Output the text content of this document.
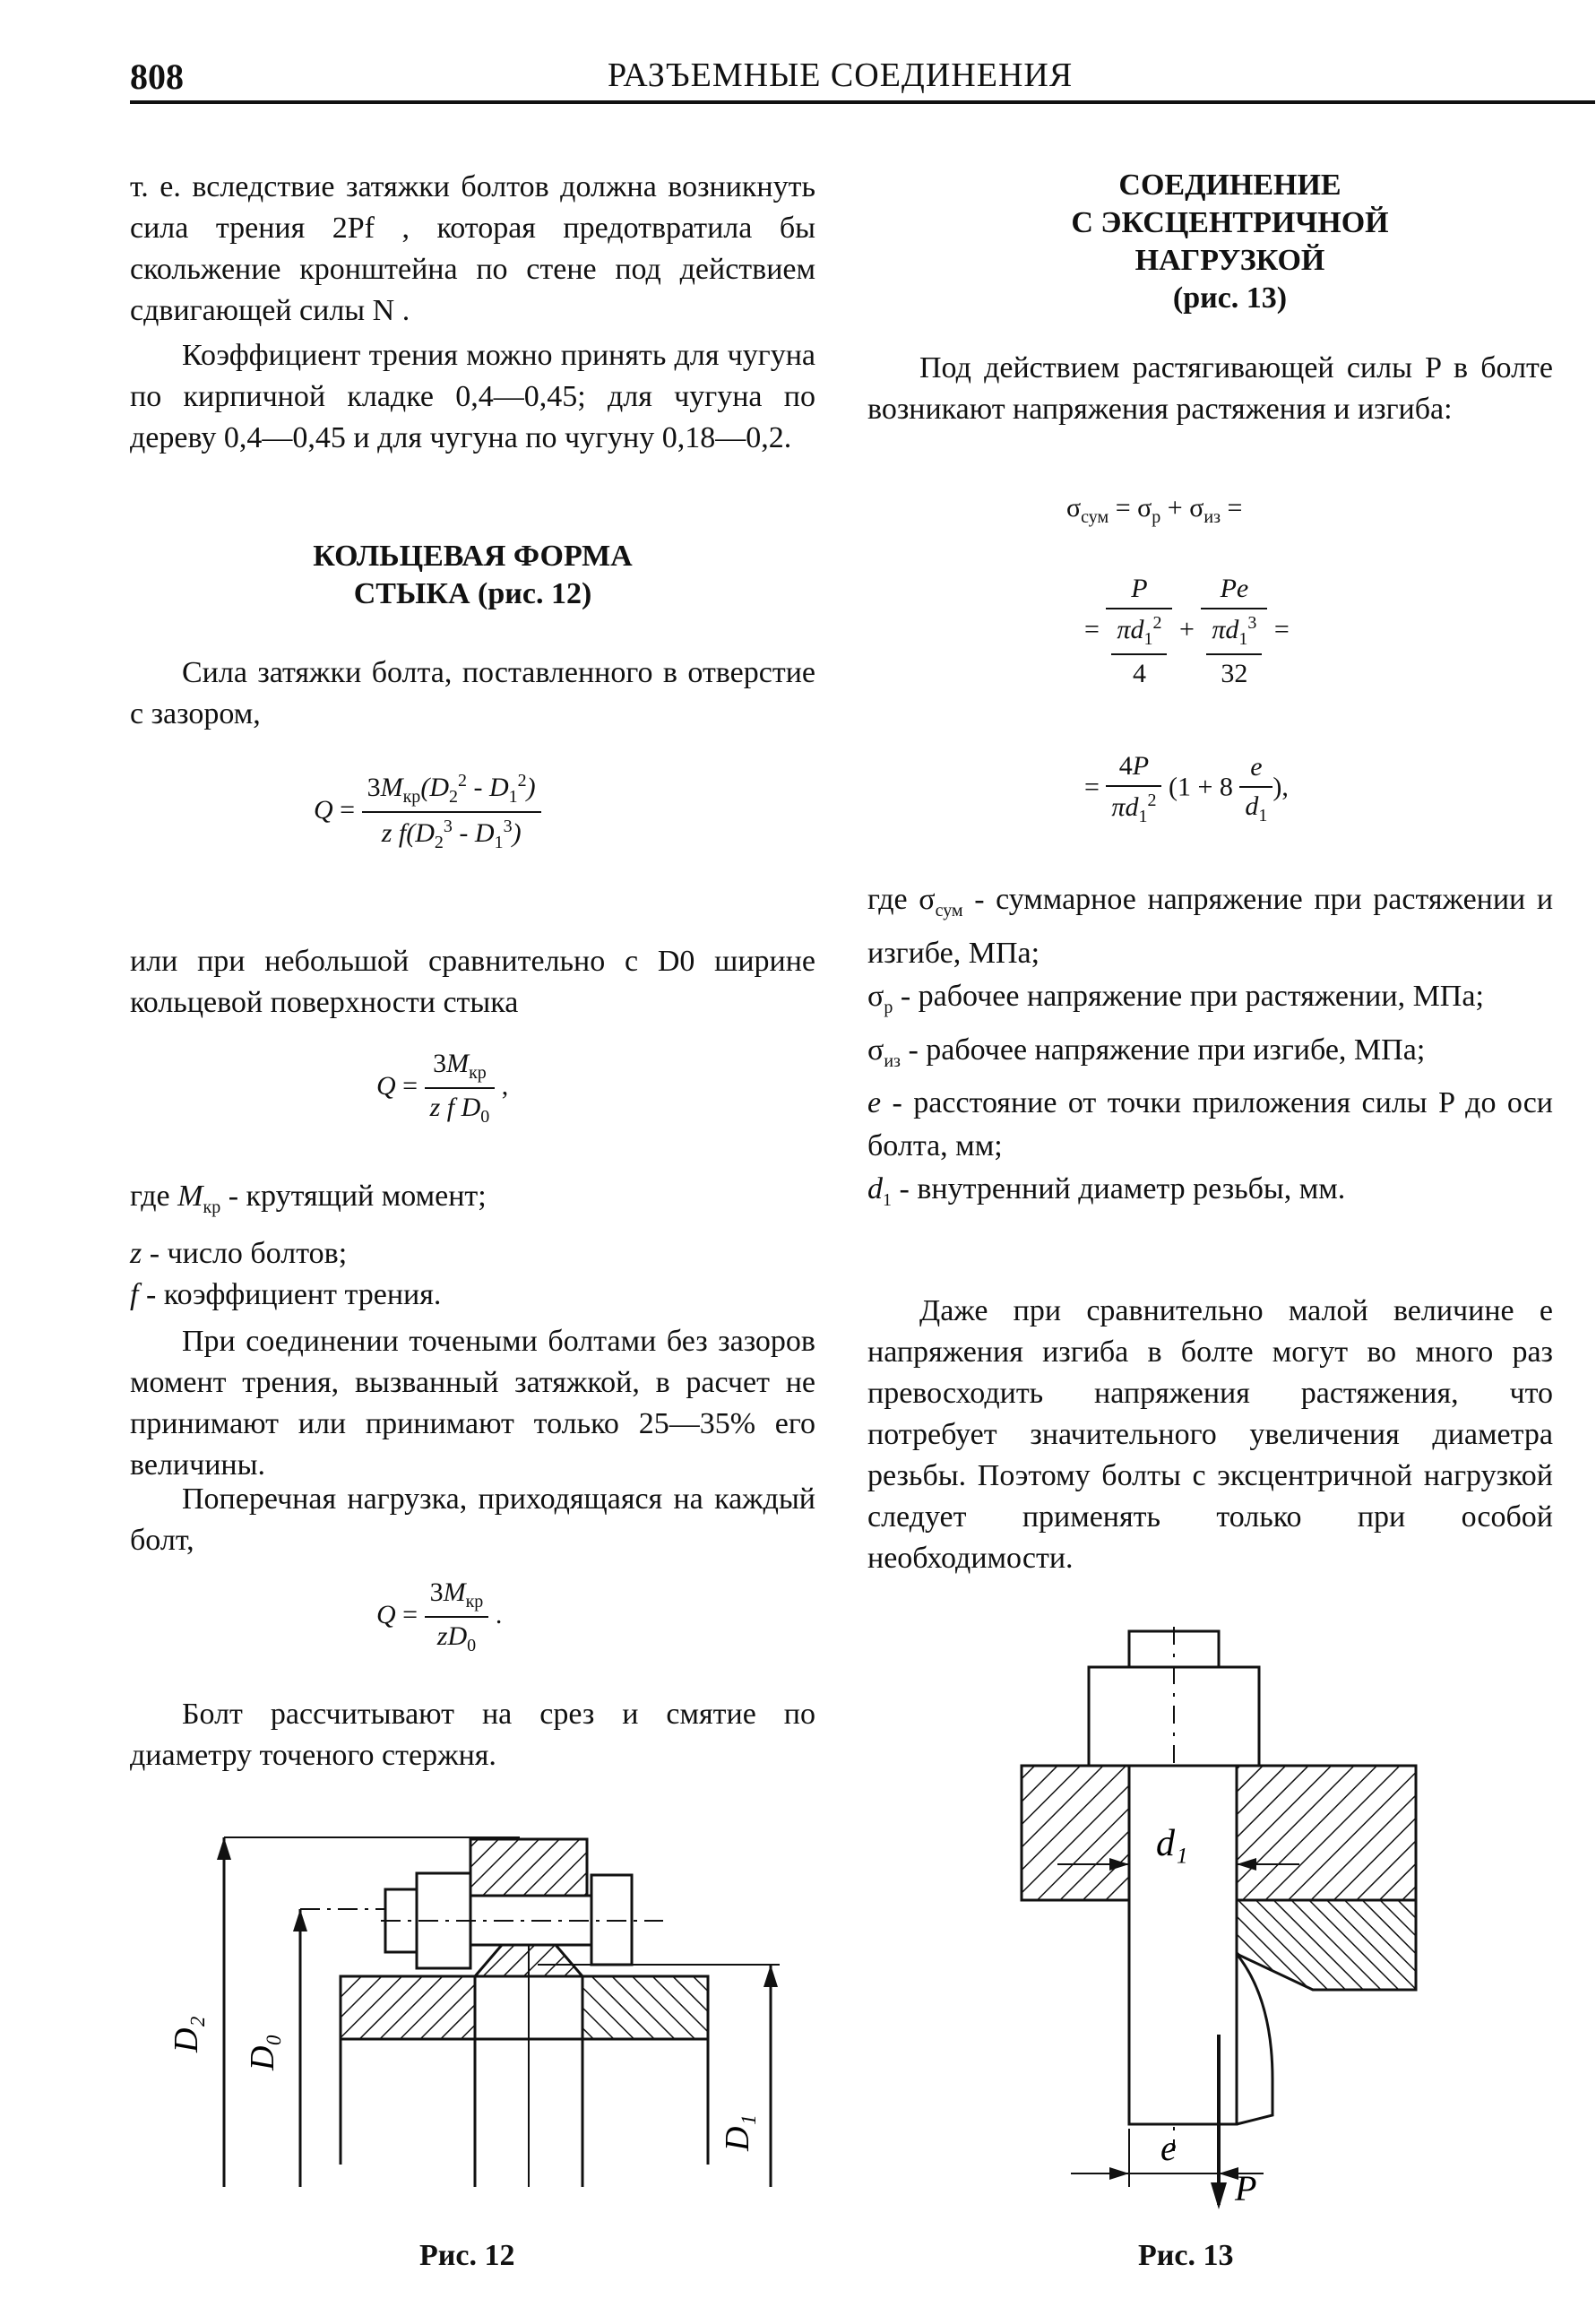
808	РАЗЪЕМНЫЕ СОЕДИНЕНИЯ

т. е. вследствие затяжки болтов должна возникнуть сила трения 2Pf , которая предотвратила бы скольжение кронштейна по стене под действием сдвигающей силы N .

Коэффициент трения можно принять для чугуна по кирпичной кладке 0,4—0,45; для чугуна по дереву 0,4—0,45 и для чугуна по чугуну 0,18—0,2.

КОЛЬЦЕВАЯ ФОРМА
СТЫКА (рис. 12)

Сила затяжки болта, поставленного в отверстие с зазором,

$Q = \frac{3M_{кр}(D_2^2 - D_1^2)}{z f(D_2^3 - D_1^3)}$

или при небольшой сравнительно с D0 ширине кольцевой поверхности стыка

$Q = \frac{3M_{кр}}{z f D_0}$ ,
где $M_{кр}$ - крутящий момент;
z - число болтов;
f - коэффициент трения.

При соединении точеными болтами без зазоров момент трения, вызванный затяжкой, в расчет не принимают или принимают только 25—35% его величины.

Поперечная нагрузка, приходящаяся на каждый болт,

$Q = \frac{3M_{кр}}{zD_0}$ .

Болт рассчитывают на срез и смятие по диаметру точеного стержня.

D₂ D₀
D₁
Рис. 12
СОЕДИНЕНИЕ
С ЭКСЦЕНТРИЧНОЙ
НАГРУЗКОЙ
(рис. 13)

Под действием растягивающей силы P в болте возникают напряжения растяжения и изгиба:

$\sigma_{сум} = \sigma_р + \sigma_{из}$ =
= $\frac{P}{\frac{\pi d_1^2}{4}} + \frac{Pe}{\frac{\pi d_1^3}{32}}$ =
= $\frac{4P}{\pi d_1^2} (1 + 8 \frac{e}{d_1}$ ),
где $\sigma_{сум}$ - суммарное напряжение при растяжении и изгибе, МПа;
$\sigma_р$ - рабочее напряжение при растяжении, МПа;
$\sigma_{из}$ - рабочее напряжение при изгибе, МПа;
e - расстояние от точки приложения силы P до оси болта, мм;
$d_1$ - внутренний диаметр резьбы, мм.

Даже при сравнительно малой величине e напряжения изгиба в болте могут во много раз превосходить напряжения растяжения, что потребует значительного увеличения диаметра резьбы. Поэтому болты с эксцентричной нагрузкой следует применять только при особой необходимости.

d₁
e
P
Рис. 13
